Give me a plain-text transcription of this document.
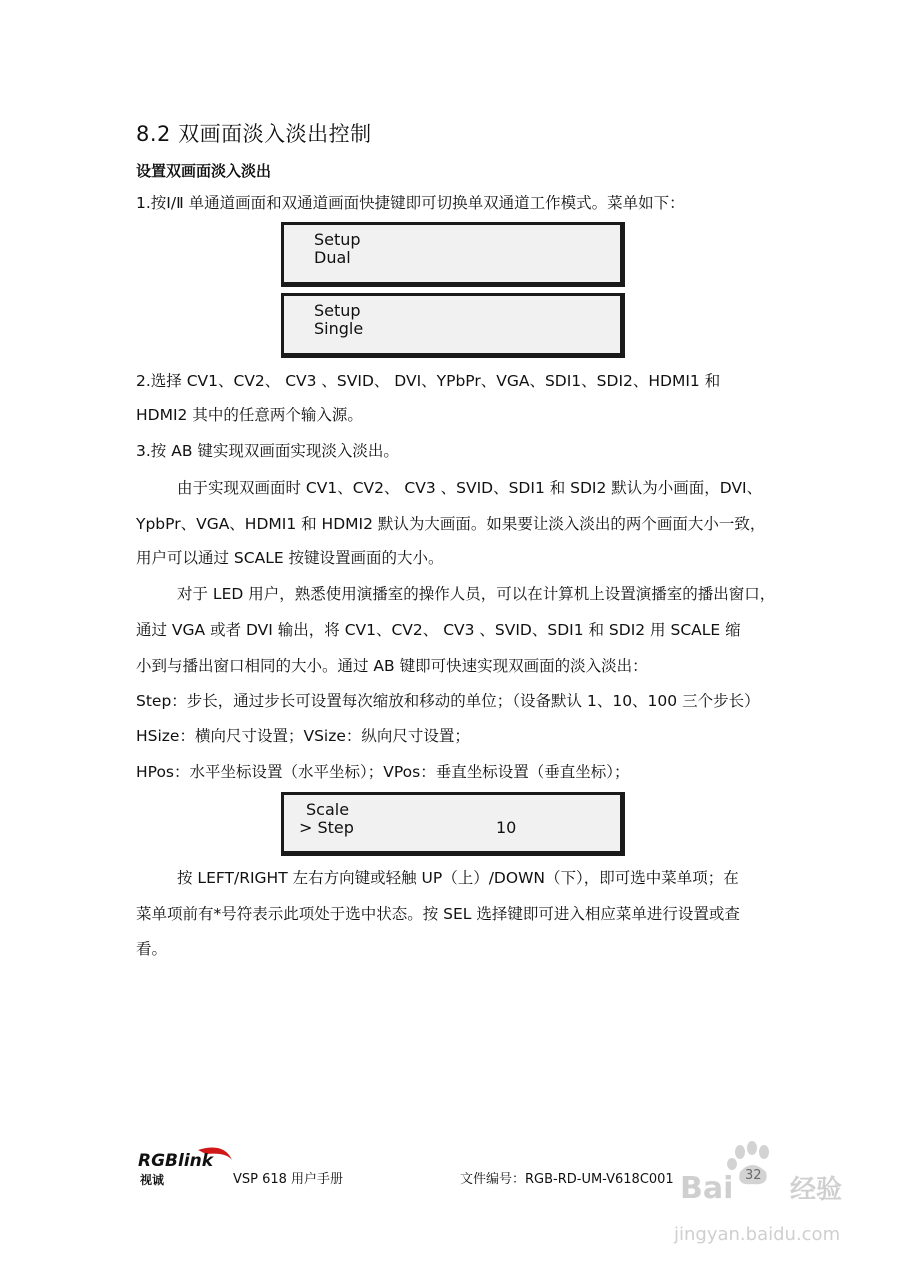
8.2 双画面淡入淡出控制
设置双画面淡入淡出
1.按Ⅰ/Ⅱ 单通道画面和双通道画面快捷键即可切换单双通道工作模式。菜单如下：
Setup
Dual
Setup
Single
2.选择 CV1、CV2、 CV3 、SVID、 DVI、YPbPr、VGA、SDI1、SDI2、HDMI1 和
HDMI2 其中的任意两个输入源。
3.按 AB 键实现双画面实现淡入淡出。
由于实现双画面时 CV1、CV2、 CV3 、SVID、SDI1 和 SDI2 默认为小画面，DVI、
YpbPr、VGA、HDMI1 和 HDMI2 默认为大画面。如果要让淡入淡出的两个画面大小一致，
用户可以通过 SCALE 按键设置画面的大小。
对于 LED 用户，熟悉使用演播室的操作人员，可以在计算机上设置演播室的播出窗口，
通过 VGA 或者 DVI 输出，将 CV1、CV2、 CV3 、SVID、SDI1 和 SDI2 用 SCALE 缩
小到与播出窗口相同的大小。通过 AB 键即可快速实现双画面的淡入淡出：
Step：步长，通过步长可设置每次缩放和移动的单位；（设备默认 1、10、100 三个步长）
HSize：横向尺寸设置；VSize：纵向尺寸设置；
HPos：水平坐标设置（水平坐标）；VPos：垂直坐标设置（垂直坐标）；
Scale
> Step	10
按 LEFT/RIGHT 左右方向键或轻触 UP（上）/DOWN（下），即可选中菜单项；在
菜单项前有*号符表示此项处于选中状态。按 SEL 选择键即可进入相应菜单进行设置或查
看。
RGBlink
视诚	VSP 618 用户手册	文件编号：RGB-RD-UM-V618C001 Bai 经验
jingyan.baidu.com
